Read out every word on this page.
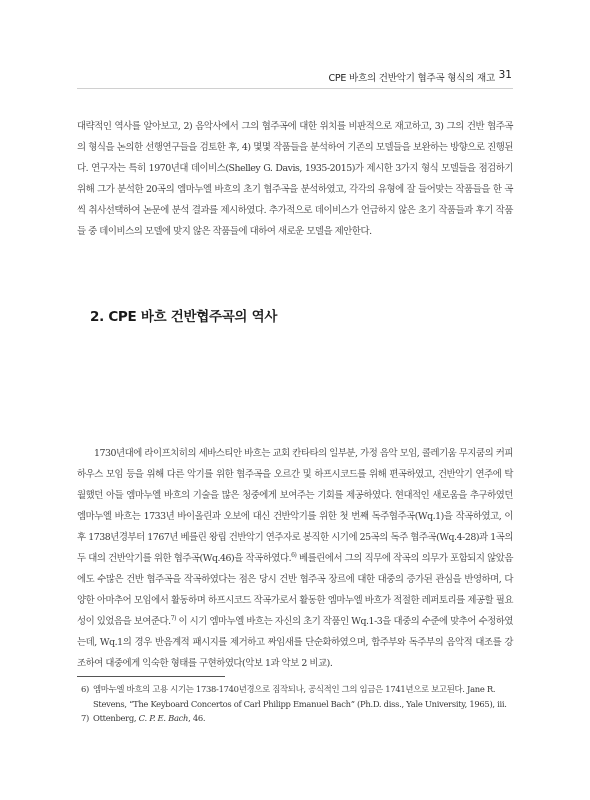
CPE 바흐의 건반악기 협주곡 형식의 재고 31

대략적인 역사를 알아보고, 2) 음악사에서 그의 협주곡에 대한 위치를 비판적으로 재고하고, 3) 그의 건반 협주곡의 형식을 논의한 선행연구들을 검토한 후, 4) 몇몇 작품들을 분석하여 기존의 모델들을 보완하는 방향으로 진행된다. 연구자는 특히 1970년대 데이비스(Shelley G. Davis, 1935-2015)가 제시한 3가지 형식 모델들을 점검하기 위해 그가 분석한 20곡의 엠마누엘 바흐의 초기 협주곡을 분석하였고, 각각의 유형에 잘 들어맞는 작품들을 한 곡씩 취사선택하여 논문에 분석 결과를 제시하였다. 추가적으로 데이비스가 언급하지 않은 초기 작품들과 후기 작품들 중 데이비스의 모델에 맞지 않은 작품들에 대하여 새로운 모델을 제안한다.

2. CPE 바흐 건반협주곡의 역사

1730년대에 라이프치히의 세바스티안 바흐는 교회 칸타타의 일부분, 가정 음악 모임, 콜레기움 무지쿰의 커피하우스 모임 등을 위해 다른 악기를 위한 협주곡을 오르간 및 하프시코드를 위해 편곡하였고, 건반악기 연주에 탁월했던 아들 엠마누엘 바흐의 기술을 많은 청중에게 보여주는 기회를 제공하였다. 현대적인 새로움을 추구하였던 엠마누엘 바흐는 1733년 바이올린과 오보에 대신 건반악기를 위한 첫 번째 독주협주곡(Wq.1)을 작곡하였고, 이후 1738년경부터 1767년 베를린 왕립 건반악기 연주자로 봉직한 시기에 25곡의 독주 협주곡(Wq.4-28)과 1곡의 두 대의 건반악기를 위한 협주곡(Wq.46)을 작곡하였다.$^{6)}$ 베를린에서 그의 직무에 작곡의 의무가 포함되지 않았음에도 수많은 건반 협주곡을 작곡하였다는 점은 당시 건반 협주곡 장르에 대한 대중의 증가된 관심을 반영하며, 다양한 아마추어 모임에서 활동하며 하프시코드 작곡가로서 활동한 엠마누엘 바흐가 적절한 레퍼토리를 제공할 필요성이 있었음을 보여준다.$^{7)}$ 이 시기 엠마누엘 바흐는 자신의 초기 작품인 Wq.1-3을 대중의 수준에 맞추어 수정하였는데, Wq.1의 경우 반음계적 패시지를 제거하고 짜임새를 단순화하였으며, 합주부와 독주부의 음악적 대조를 강조하여 대중에게 익숙한 형태를 구현하였다(악보 1과 악보 2 비교).

6) 엠마누엘 바흐의 고용 시기는 1738-1740년경으로 짐작되나, 공식적인 그의 임금은 1741년으로 보고된다. Jane R. Stevens, “The Keyboard Concertos of Carl Philipp Emanuel Bach” (Ph.D. diss., Yale University, 1965), iii.
7) Ottenberg, C. P. E. Bach, 46.
